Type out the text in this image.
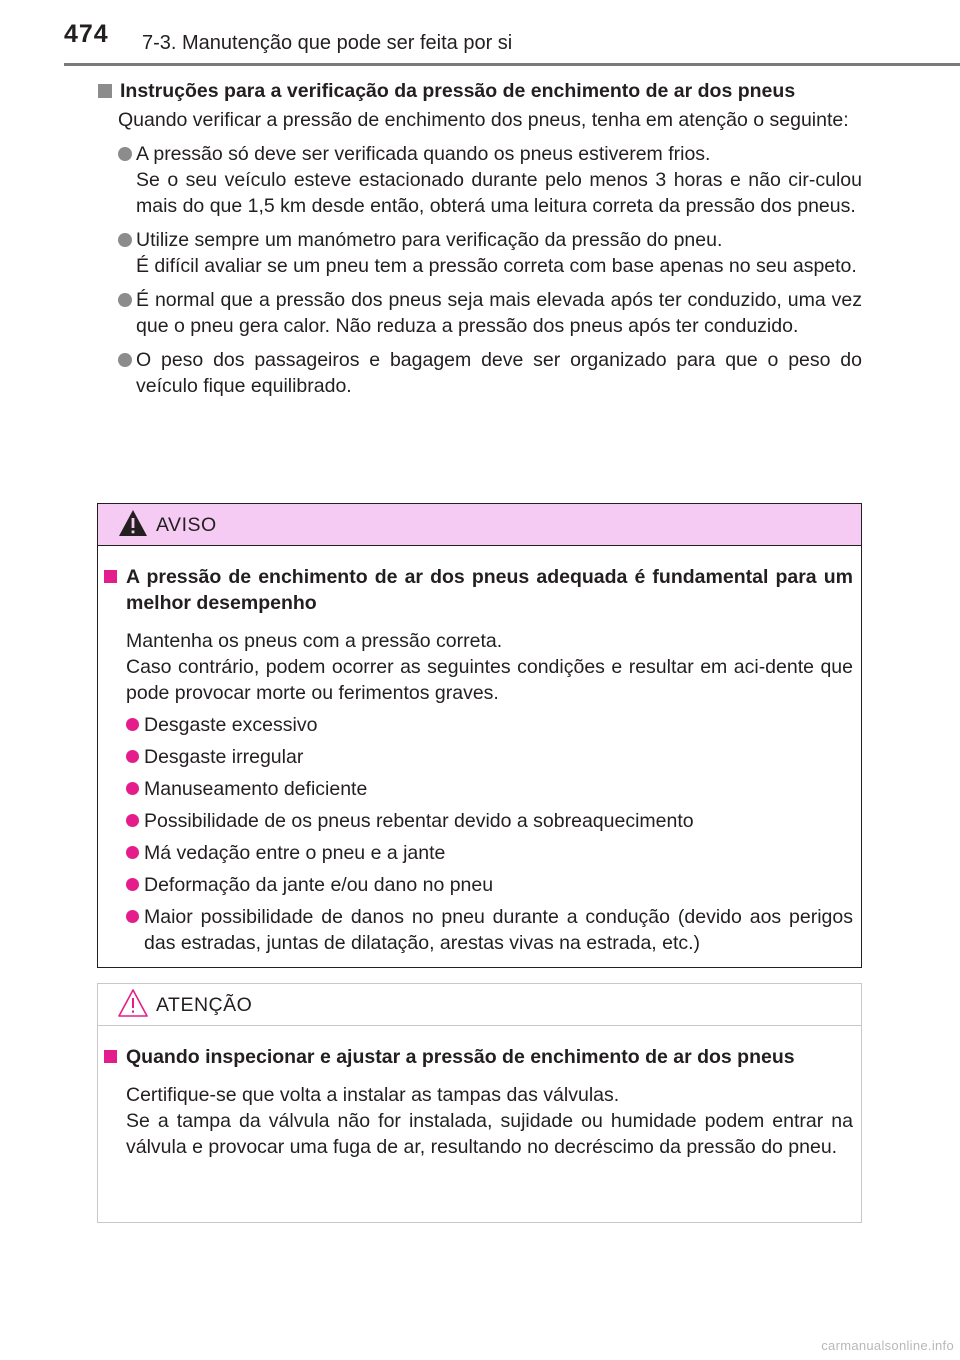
474 7-3. Manutenção que pode ser feita por si
Instruções para a verificação da pressão de enchimento de ar dos pneus
Quando verificar a pressão de enchimento dos pneus, tenha em atenção o seguinte:
A pressão só deve ser verificada quando os pneus estiverem frios.
Se o seu veículo esteve estacionado durante pelo menos 3 horas e não cir-culou mais do que 1,5 km desde então, obterá uma leitura correta da pressão dos pneus.
Utilize sempre um manómetro para verificação da pressão do pneu.
É difícil avaliar se um pneu tem a pressão correta com base apenas no seu aspeto.
É normal que a pressão dos pneus seja mais elevada após ter conduzido, uma vez que o pneu gera calor. Não reduza a pressão dos pneus após ter conduzido.
O peso dos passageiros e bagagem deve ser organizado para que o peso do veículo fique equilibrado.
AVISO
A pressão de enchimento de ar dos pneus adequada é fundamental para um melhor desempenho
Mantenha os pneus com a pressão correta.
Caso contrário, podem ocorrer as seguintes condições e resultar em aci-dente que pode provocar morte ou ferimentos graves.
Desgaste excessivo
Desgaste irregular
Manuseamento deficiente
Possibilidade de os pneus rebentar devido a sobreaquecimento
Má vedação entre o pneu e a jante
Deformação da jante e/ou dano no pneu
Maior possibilidade de danos no pneu durante a condução (devido aos perigos das estradas, juntas de dilatação, arestas vivas na estrada, etc.)
ATENÇÃO
Quando inspecionar e ajustar a pressão de enchimento de ar dos pneus
Certifique-se que volta a instalar as tampas das válvulas.
Se a tampa da válvula não for instalada, sujidade ou humidade podem entrar na válvula e provocar uma fuga de ar, resultando no decréscimo da pressão do pneu.
carmanualsonline.info
